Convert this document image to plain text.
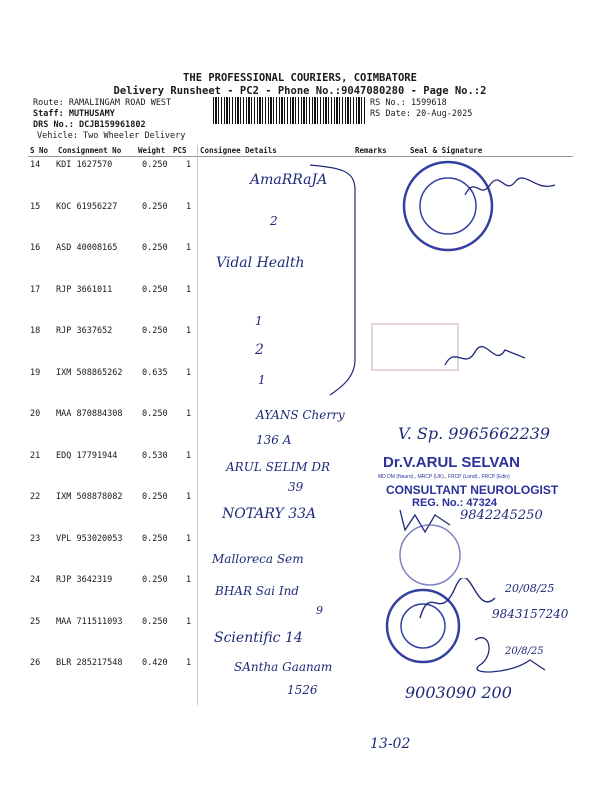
THE PROFESSIONAL COURIERS, COIMBATORE
Delivery Runsheet - PC2 - Phone No.:9047080280 - Page No.:2
Route: RAMALINGAM ROAD WEST
Staff: MUTHUSAMY
DRS No.: DCJB159961802
Vehicle: Two Wheeler Delivery
RS No.: 1599618
RS Date: 20-Aug-2025
S No Consignment No Weight PCS Consignee Details	Remarks	Seal & Signature
14 KDI 1627570	0.250 1
15 KOC 61956227	0.250 1
16 ASD 40008165	0.250 1
17 RJP 3661011	0.250 1
18 RJP 3637652	0.250 1
19 IXM 508865262 0.635 1
20 MAA 870884308 0.250 1
21 EDQ 17791944	0.530 1
22 IXM 508878082 0.250 1
23 VPL 953020053 0.250 1
24 RJP 3642319	0.250 1
25 MAA 711511093 0.250 1
26 BLR 285217548 0.420 1
AmaRRaJA
2
Vidal Health
1
2
1
AYANS Cherry
136 A
ARUL SELIM DR
39
NOTARY 33A
Malloreca Sem
BHAR Sai Ind
9
Scientific 14
SAntha Gaanam
1526
13-02
V. Sp. 9965662239
Dr.V.ARUL SELVAN
MD DM (Neuro)., MRCP (UK)., FRCP (Lond)., FRCP (Edin)
CONSULTANT NEUROLOGIST
REG. No.: 47324
9842245250
20/08/25
9843157240
20/8/25
9003090 200
